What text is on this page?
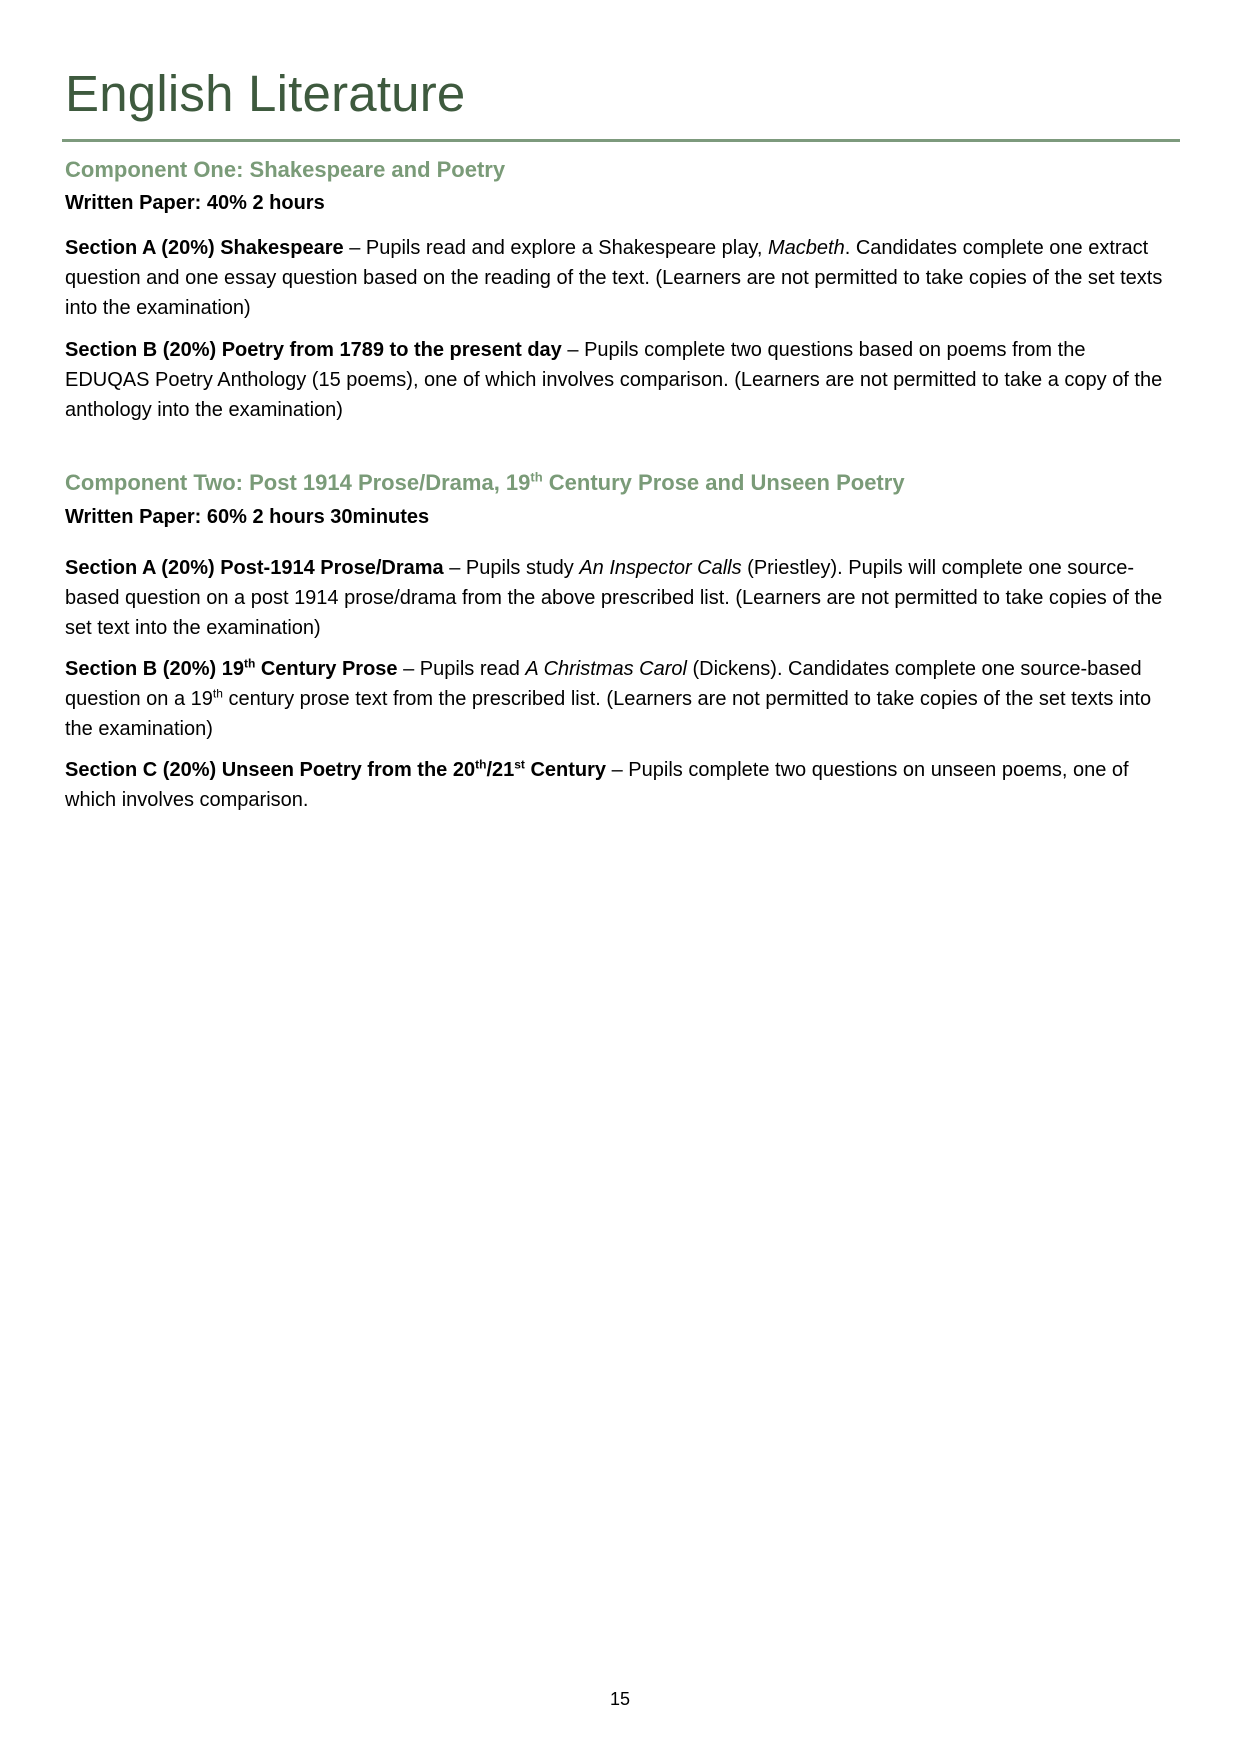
English Literature
Component One: Shakespeare and Poetry

Written Paper: 40% 2 hours

Section A (20%) Shakespeare – Pupils read and explore a Shakespeare play, Macbeth. Candidates complete one extract question and one essay question based on the reading of the text. (Learners are not permitted to take copies of the set texts into the examination)

Section B (20%) Poetry from 1789 to the present day – Pupils complete two questions based on poems from the EDUQAS Poetry Anthology (15 poems), one of which involves comparison. (Learners are not permitted to take a copy of the anthology into the examination)

Component Two: Post 1914 Prose/Drama, 19th Century Prose and Unseen Poetry

Written Paper: 60% 2 hours 30minutes

Section A (20%) Post-1914 Prose/Drama – Pupils study An Inspector Calls (Priestley). Pupils will complete one source-based question on a post 1914 prose/drama from the above prescribed list. (Learners are not permitted to take copies of the set text into the examination)

Section B (20%) 19th Century Prose – Pupils read A Christmas Carol (Dickens). Candidates complete one source-based question on a 19th century prose text from the prescribed list. (Learners are not permitted to take copies of the set texts into the examination)

Section C (20%) Unseen Poetry from the 20th/21st Century – Pupils complete two questions on unseen poems, one of which involves comparison.

15
